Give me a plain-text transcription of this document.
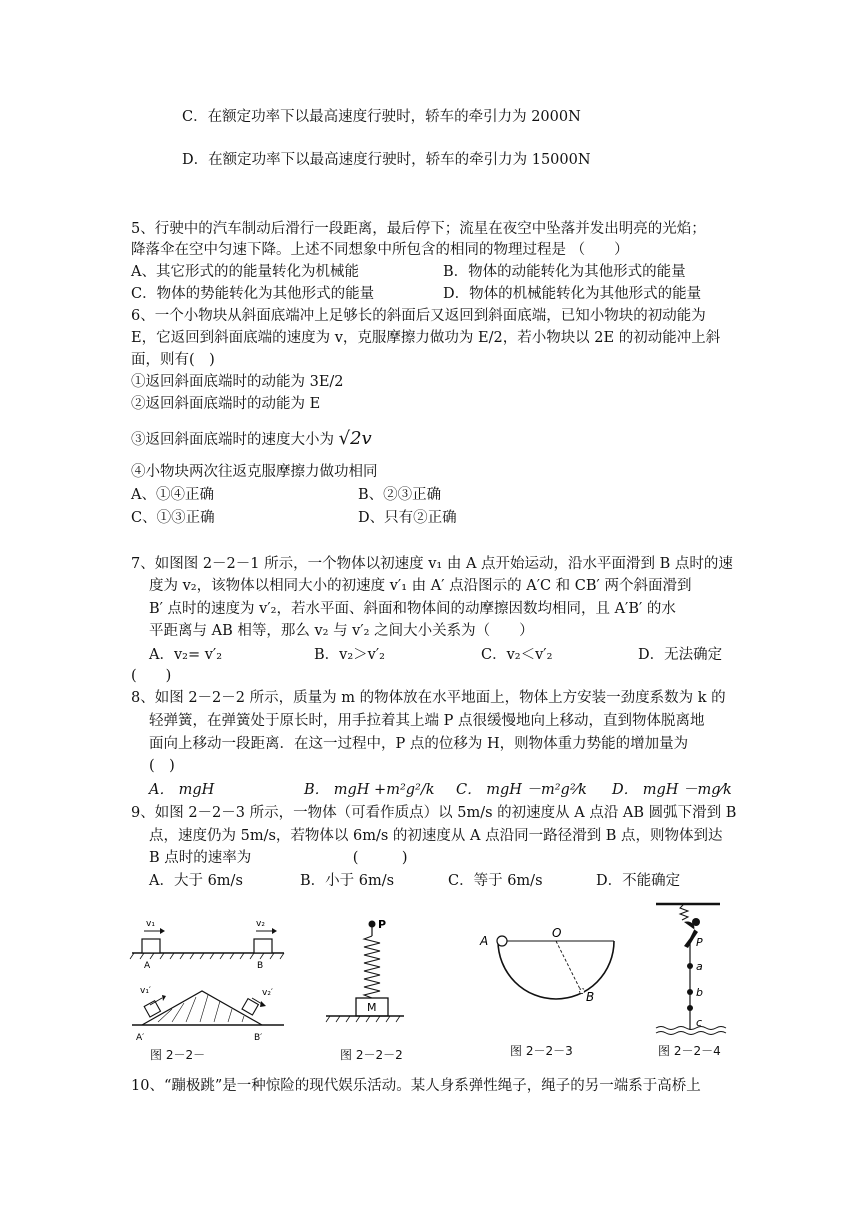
C．在额定功率下以最高速度行驶时，轿车的牵引力为 2000N
D．在额定功率下以最高速度行驶时，轿车的牵引力为 15000N
5、行驶中的汽车制动后滑行一段距离，最后停下；流星在夜空中坠落并发出明亮的光焰；
降落伞在空中匀速下降。上述不同想象中所包含的相同的物理过程是 （　　）
A、其它形式的的能量转化为机械能	B．物体的动能转化为其他形式的能量
C．物体的势能转化为其他形式的能量	D．物体的机械能转化为其他形式的能量
6、一个小物块从斜面底端冲上足够长的斜面后又返回到斜面底端，已知小物块的初动能为
E，它返回到斜面底端的速度为 v，克服摩擦力做功为 E/2，若小物块以 2E 的初动能冲上斜
面，则有(　)
①返回斜面底端时的动能为 3E/2
②返回斜面底端时的动能为 E
③返回斜面底端时的速度大小为 √2v
④小物块两次往返克服摩擦力做功相同
A、①④正确	B、②③正确
C、①③正确	D、只有②正确
7、如图图 2－2－1 所示，一个物体以初速度 v₁ 由 A 点开始运动，沿水平面滑到 B 点时的速
度为 v₂，该物体以相同大小的初速度 v′₁ 由 A′ 点沿图示的 A′C 和 CB′ 两个斜面滑到
B′ 点时的速度为 v′₂，若水平面、斜面和物体间的动摩擦因数均相同，且 A′B′ 的水
平距离与 AB 相等，那么 v₂ 与 v′₂ 之间大小关系为（　　）
A．v₂= v′₂	B．v₂＞v′₂	C．v₂＜v′₂	D．无法确定
(　　)
8、如图 2－2－2 所示，质量为 m 的物体放在水平地面上，物体上方安装一劲度系数为 k 的
轻弹簧，在弹簧处于原长时，用手拉着其上端 P 点很缓慢地向上移动，直到物体脱离地
面向上移动一段距离．在这一过程中，P 点的位移为 H，则物体重力势能的增加量为
(　)
A． mgH	B． mgH +m²g²/k C． mgH －m²g²⁄k D． mgH －mg⁄k
9、如图 2－2－3 所示，一物体（可看作质点）以 5m/s 的初速度从 A 点沿 AB 圆弧下滑到 B
点，速度仍为 5m/s，若物体以 6m/s 的初速度从 A 点沿同一路径滑到 B 点，则物体到达
B 点时的速率为　　　　　　　(　　　)
A．大于 6m/s	B．小于 6m/s	C．等于 6m/s	D．不能确定
v₁	v₂
A	B
v₁′	v₂′
A′	B′
图 2－2－
P
M
图 2－2－2
A
O
B
图 2－2－3
P
a
b
c
图 2－2－4
10、“蹦极跳”是一种惊险的现代娱乐活动。某人身系弹性绳子，绳子的另一端系于高桥上
